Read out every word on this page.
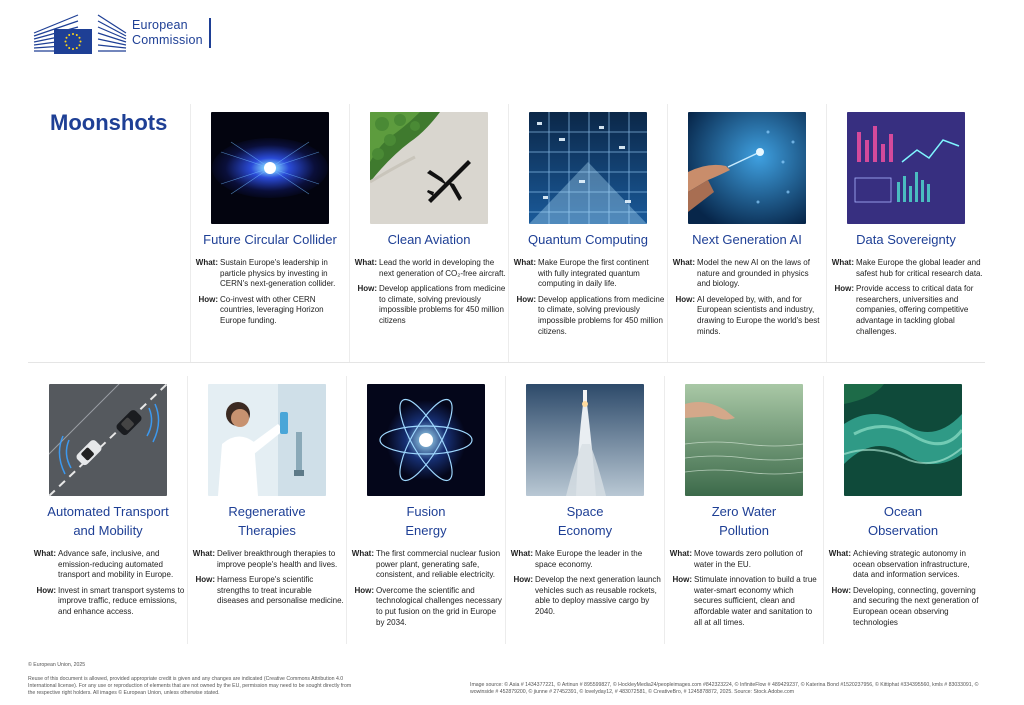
European
Commission
Moonshots
Future Circular Collider
What: Sustain Europe's leadership in particle physics by investing in CERN's next-generation collider.
How: Co-invest with other CERN countries, leveraging Horizon Europe funding.
Clean Aviation
What: Lead the world in developing the next generation of CO₂-free aircraft.
How: Develop applications from medicine to climate, solving previously impossible problems for 450 million citizens
Quantum Computing
What: Make Europe the first continent with fully integrated quantum computing in daily life.
How: Develop applications from medicine to climate, solving previously impossible problems for 450 million citizens.
Next Generation AI
What: Model the new AI on the laws of nature and grounded in physics and biology.
How: AI developed by, with, and for European scientists and industry, drawing to Europe the world's best minds.
Data Sovereignty
What: Make Europe the global leader and safest hub for critical research data.
How: Provide access to critical data for researchers, universities and companies, offering competitive advantage in tackling global challenges.
Automated Transport
and Mobility
What: Advance safe, inclusive, and emission-reducing automated transport and mobility in Europe.
How: Invest in smart transport systems to improve traffic, reduce emissions, and enhance access.
Regenerative
Therapies
What: Deliver breakthrough therapies to improve people's health and lives.
How: Harness Europe's scientific strengths to treat incurable diseases and personalise medicine.
Fusion
Energy
What: The first commercial nuclear fusion power plant, generating safe, consistent, and reliable electricity.
How: Overcome the scientific and technological challenges necessary to put fusion on the grid in Europe by 2034.
Space
Economy
What: Make Europe the leader in the space economy.
How: Develop the next generation launch vehicles such as reusable rockets, able to deploy massive cargo by 2040.
Zero Water
Pollution
What: Move towards zero pollution of water in the EU.
How: Stimulate innovation to build a true water-smart economy which secures sufficient, clean and affordable water and sanitation to all at all times.
Ocean
Observation
What: Achieving strategic autonomy in ocean observation infrastructure, data and information services.
How: Developing, connecting, governing and securing the next generation of European ocean observing technologies
© European Union, 2025
Reuse of this document is allowed, provided appropriate credit is given and any changes are indicated (Creative Commons Attribution 4.0 International license). For any use or reproduction of elements that are not owned by the EU, permission may need to be sought directly from the respective right holders. All images © European Union, unless otherwise stated.
Image source: © Asia # 1434377221, © Artinun # 895599827, © HockleyMedia24/peopleimages.com #842323224, © InfiniteFlow # 489429237, © Katerina Bond #1520237956, © Kittiphat #334395560, kmls # 83033091, © wowinside # 452879200, © jiunne # 27452391, © lovelyday12, # 483072581, © CreativeBro, # 1245878872, 2025. Source: Stock.Adobe.com
